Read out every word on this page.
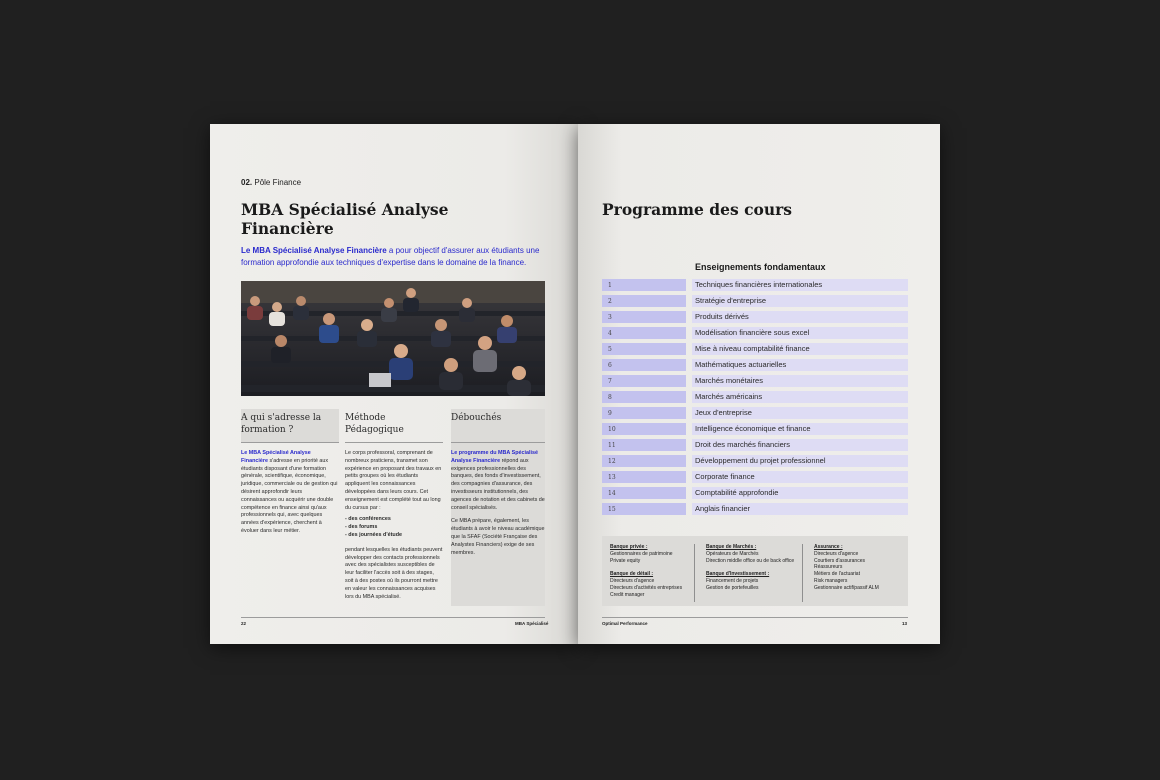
02. Pôle Finance
MBA Spécialisé Analyse
Financière
Le MBA Spécialisé Analyse Financière a pour objectif d'assurer aux étudiants une formation approfondie aux techniques d'expertise dans le domaine de la finance.
A qui s'adresse la formation ?
Le MBA Spécialisé Analyse Financière s'adresse en priorité aux étudiants disposant d'une formation générale, scientifique, économique, juridique, commerciale ou de gestion qui désirent approfondir leurs connaissances ou acquérir une double compétence en finance ainsi qu'aux professionnels qui, avec quelques années d'expérience, cherchent à évoluer dans leur métier.
Méthode Pédagogique
Le corps professoral, comprenant de nombreux praticiens, transmet son expérience en proposant des travaux en petits groupes où les étudiants appliquent les connaissances développées dans leurs cours. Cet enseignement est complété tout au long du cursus par :
- des conférences
- des forums
- des journées d'étude
pendant lesquelles les étudiants peuvent développer des contacts professionnels avec des spécialistes susceptibles de leur faciliter l'accès soit à des stages, soit à des postes où ils pourront mettre en valeur les connaissances acquises lors du MBA spécialisé.
Débouchés
Le programme du MBA Spécialisé Analyse Financière répond aux exigences professionnelles des banques, des fonds d'investissement, des compagnies d'assurance, des investisseurs institutionnels, des agences de notation et des cabinets de conseil spécialisés.
Ce MBA prépare, également, les étudiants à avoir le niveau académique que la SFAF (Société Française des Analystes Financiers) exige de ses membres.
22	MBA Spécialisé
Programme des cours
Enseignements fondamentaux
1	Techniques financières internationales
2	Stratégie d'entreprise
3	Produits dérivés
4	Modélisation financière sous excel
5	Mise à niveau comptabilité finance
6	Mathématiques actuarielles
7	Marchés monétaires
8	Marchés américains
9	Jeux d'entreprise
10	Intelligence économique et finance
11	Droit des marchés financiers
12	Développement du projet professionnel
13	Corporate finance
14	Comptabilité approfondie
15	Anglais financier
Banque privée :
Gestionnaires de patrimoine
Private equity

Banque de détail :
Directeurs d'agence
Directeurs d'activités entreprises
Credit manager
Banque de Marchés :
Opérateurs de Marchés
Direction middle office ou de back office

Banque d'Investissement :
Financement de projets
Gestion de portefeuilles
Assurance :
Directeurs d'agence
Courtiers d'assurances
Réassureurs
Métiers de l'actuariat
Risk managers
Gestionnaire actif/passif ALM
Optimal Performance	13
